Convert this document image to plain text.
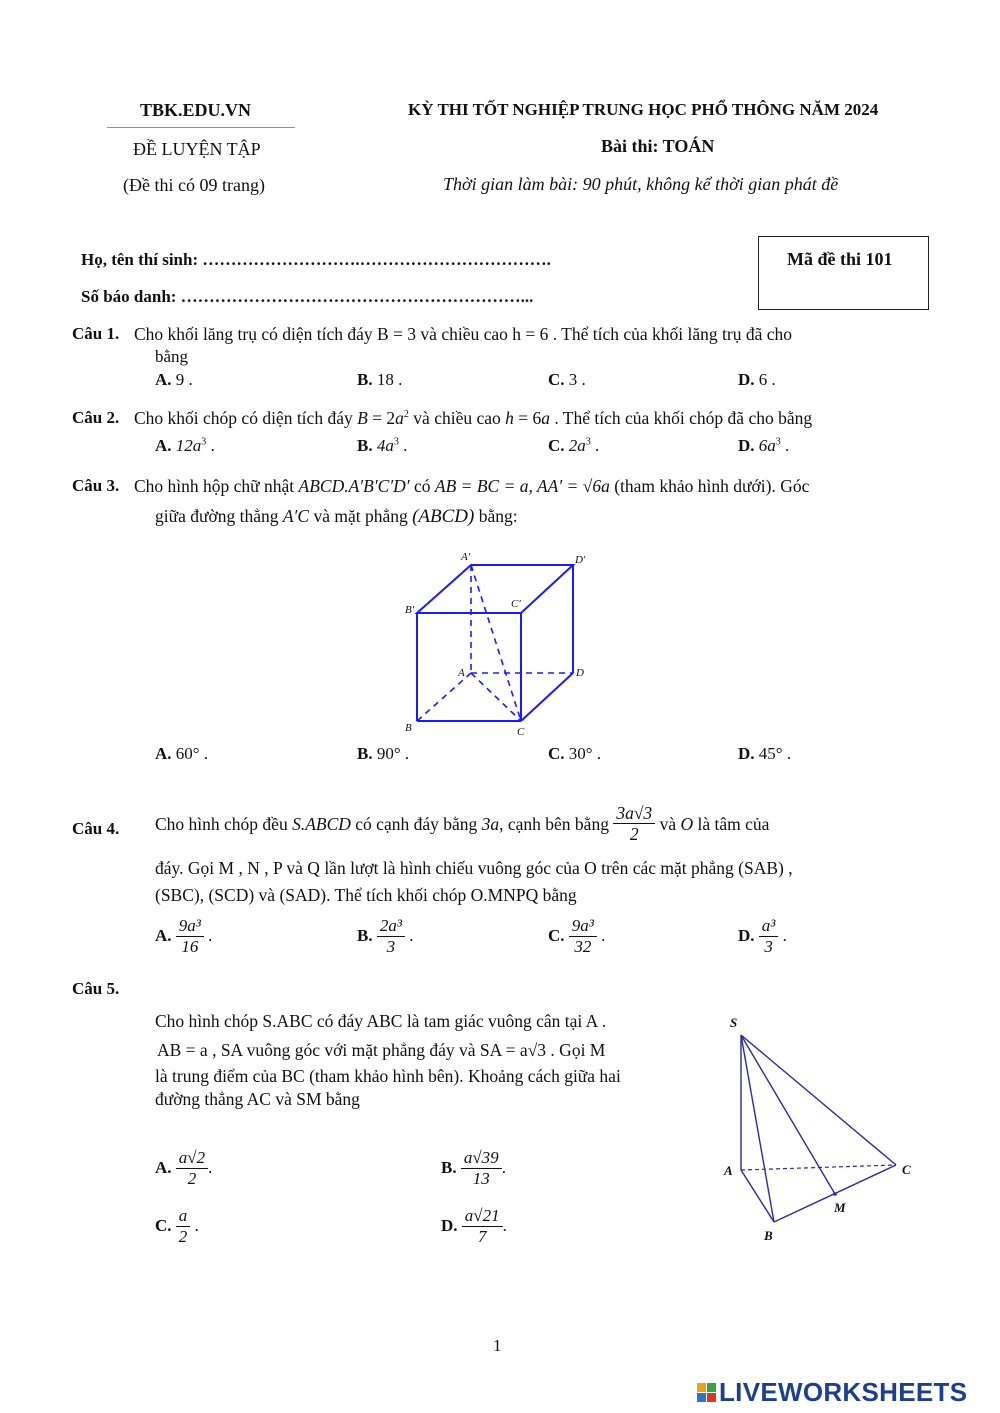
TBK.EDU.VN
ĐỀ LUYỆN TẬP
(Đề thi có 09 trang)
KỲ THI TỐT NGHIỆP TRUNG HỌC PHỔ THÔNG NĂM 2024
Bài thi: TOÁN
Thời gian làm bài: 90 phút, không kể thời gian phát đề
Họ, tên thí sinh: ……………………….…………………………….
Số báo danh: ……………………………………………………...
Mã đề thi 101
Câu 1. Cho khối lăng trụ có diện tích đáy B = 3 và chiều cao h = 6 . Thể tích của khối lăng trụ đã cho
bằng
A. 9 .	B. 18 .	C. 3 .	D. 6 .
Câu 2. Cho khối chóp có diện tích đáy $B = 2a^2$ và chiều cao h = 6a . Thể tích của khối chóp đã cho bằng
A. $12a^3$ .	B. $4a^3$ .	C. $2a^3$ .	D. $6a^3$ .
Câu 3. Cho hình hộp chữ nhật ABCD.A′B′C′D′ có AB = BC = a, AA′ = √6a (tham khảo hình dưới). Góc
giữa đường thẳng A′C và mặt phẳng (ABCD) bằng:
A′	D′
B′	C′
A	D
B	C
A. 60° .	B. 90° .	C. 30° .	D. 45° .
Câu 4. Cho hình chóp đều S.ABCD có cạnh đáy bằng 3a, cạnh bên bằng $\frac{3a√3}{2}$ và O là tâm của
đáy. Gọi M , N , P và Q lần lượt là hình chiếu vuông góc của O trên các mặt phẳng (SAB) ,
(SBC), (SCD) và (SAD). Thể tích khối chóp O.MNPQ bằng
A. $\frac{\text{9a³}}{16}$ .	B. $\frac{\text{2a³}}{3}$ .	C. $\frac{\text{9a³}}{32}$ .	D. $\frac{\text{a³}}{3}$ .
Câu 5.
Cho hình chóp S.ABC có đáy ABC là tam giác vuông cân tại A .
AB = a , SA vuông góc với mặt phẳng đáy và SA = a√3 . Gọi M
là trung điểm của BC (tham khảo hình bên). Khoảng cách giữa hai
đường thẳng AC và SM bằng
S
A	C
M
B
A. $\frac{a√2}{2}$ .	B. $\frac{a√39}{13}$ .
C. $\frac{a}{2}$ .	D. $\frac{a√21}{7}$ .
1
LIVEWORKSHEETS
